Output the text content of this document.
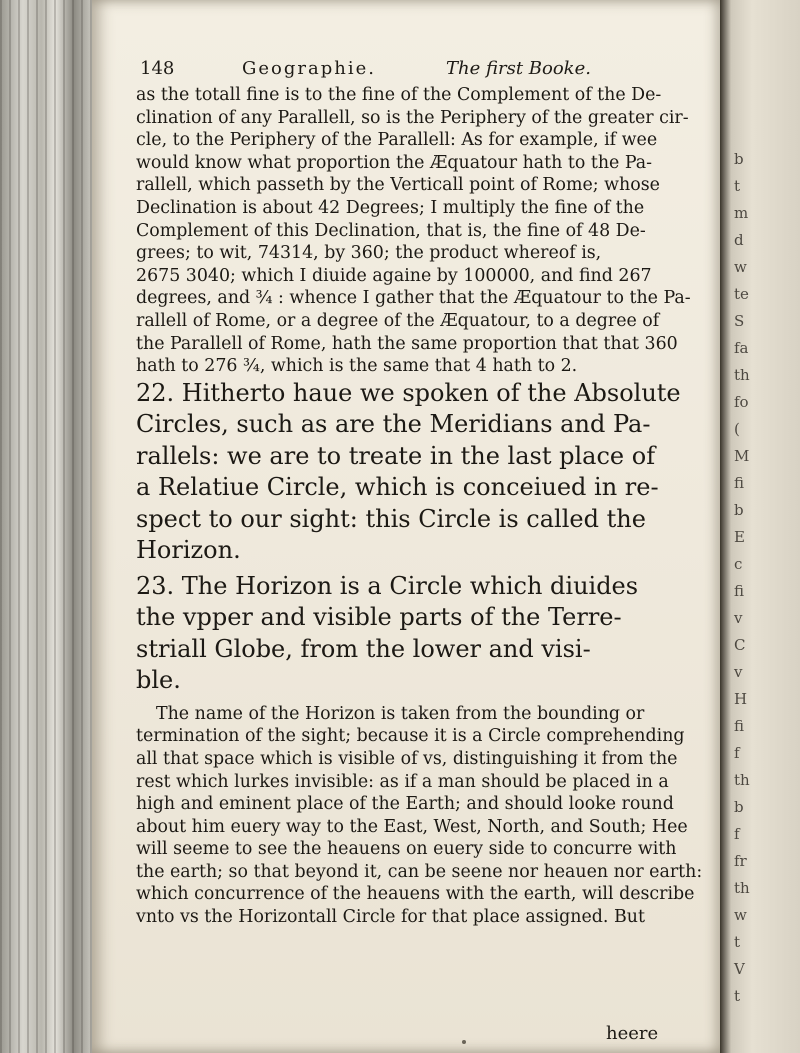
148	Geographie.	The first Booke.
as the totall fine is to the fine of the Complement of the De-
clination of any Parallell, so is the Periphery of the greater cir-
cle, to the Periphery of the Parallell: As for example, if wee
would know what proportion the Æquatour hath to the Pa-
rallell, which passeth by the Verticall point of Rome; whose
Declination is about 42 Degrees; I multiply the fine of the
Complement of this Declination, that is, the fine of 48 De-
grees; to wit, 74314, by 360; the product whereof is,
2675 3040; which I diuide againe by 100000, and find 267
degrees, and ¾ : whence I gather that the Æquatour to the Pa-
rallell of Rome, or a degree of the Æquatour, to a degree of
the Parallell of Rome, hath the same proportion that that 360
hath to 276 ¾, which is the same that 4 hath to 2.
22. Hitherto haue we spoken of the Absolute
Circles, such as are the Meridians and Pa-
rallels: we are to treate in the last place of
a Relatiue Circle, which is conceiued in re-
spect to our sight: this Circle is called the
Horizon.
23. The Horizon is a Circle which diuides
the vpper and visible parts of the Terre-
striall Globe, from the lower and visi-
ble.
The name of the Horizon is taken from the bounding or
termination of the sight; because it is a Circle comprehending
all that space which is visible of vs, distinguishing it from the
rest which lurkes invisible: as if a man should be placed in a
high and eminent place of the Earth; and should looke round
about him euery way to the East, West, North, and South; Hee
will seeme to see the heauens on euery side to concurre with
the earth; so that beyond it, can be seene nor heauen nor earth:
which concurrence of the heauens with the earth, will describe
vnto vs the Horizontall Circle for that place assigned. But
heere
b
t
m
d
w
te
S
fa
th
fo
(
M
fi
b
E
c
fi
v
C
v
H
fi
f
th
b
f
fr
th
w
t
V
t
